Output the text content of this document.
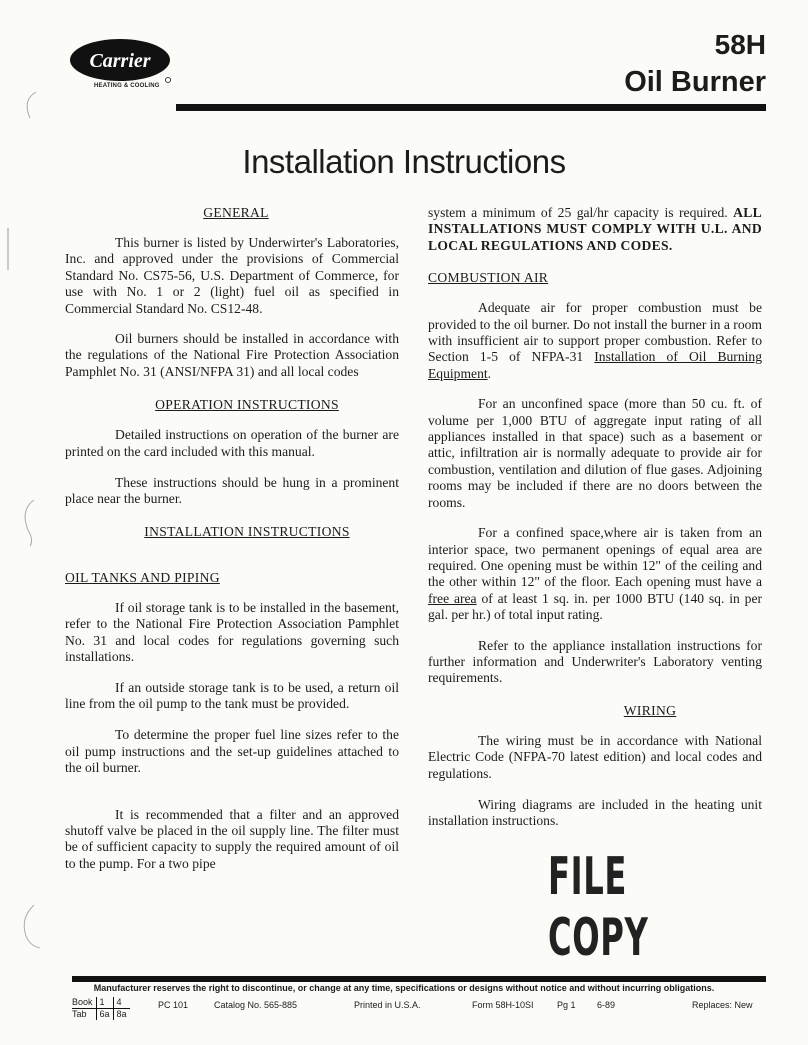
Carrier
HEATING & COOLING
58H
Oil Burner
Installation Instructions
GENERAL

This burner is listed by Underwirter's Laboratories, Inc. and approved under the provisions of Commercial Standard No. CS75-56, U.S. Department of Commerce, for use with No. 1 or 2 (light) fuel oil as specified in Commercial Standard No. CS12-48.

Oil burners should be installed in accordance with the regulations of the National Fire Protection Association Pamphlet No. 31 (ANSI/NFPA 31) and all local codes

OPERATION INSTRUCTIONS

Detailed instructions on operation of the burner are printed on the card included with this manual.

These instructions should be hung in a prominent place near the burner.

INSTALLATION INSTRUCTIONS
OIL TANKS AND PIPING

If oil storage tank is to be installed in the basement, refer to the National Fire Protection Association Pamphlet No. 31 and local codes for regulations governing such installations.

If an outside storage tank is to be used, a return oil line from the oil pump to the tank must be provided.

To determine the proper fuel line sizes refer to the oil pump instructions and the set-up guidelines attached to the oil burner.

It is recommended that a filter and an approved shutoff valve be placed in the oil supply line. The filter must be of sufficient capacity to supply the required amount of oil to the pump. For a two pipe

system a minimum of 25 gal/hr capacity is required. ALL INSTALLATIONS MUST COMPLY WITH U.L. AND LOCAL REGULATIONS AND CODES.

COMBUSTION AIR

Adequate air for proper combustion must be provided to the oil burner. Do not install the burner in a room with insufficient air to support proper combustion. Refer to Section 1-5 of NFPA-31 Installation of Oil Burning Equipment.

For an unconfined space (more than 50 cu. ft. of volume per 1,000 BTU of aggregate input rating of all appliances installed in that space) such as a basement or attic, infiltration air is normally adequate to provide air for combustion, ventilation and dilution of flue gases. Adjoining rooms may be included if there are no doors between the rooms.

For a confined space,where air is taken from an interior space, two permanent openings of equal area are required. One opening must be within 12" of the ceiling and the other within 12" of the floor. Each opening must have a free area of at least 1 sq. in. per 1000 BTU (140 sq. in per gal. per hr.) of total input rating.

Refer to the appliance installation instructions for further information and Underwriter's Laboratory venting requirements.

WIRING

The wiring must be in accordance with National Electric Code (NFPA-70 latest edition) and local codes and regulations.

Wiring diagrams are included in the heating unit installation instructions.

FILE
COPY
Manufacturer reserves the right to discontinue, or change at any time, specifications or designs without notice and without incurring obligations.
Book	1	4
Tab	6a	8a
PC 101	Catalog No. 565-885	Printed in U.S.A.	Form 58H-10SI	Pg 1 6-89	Replaces: New
